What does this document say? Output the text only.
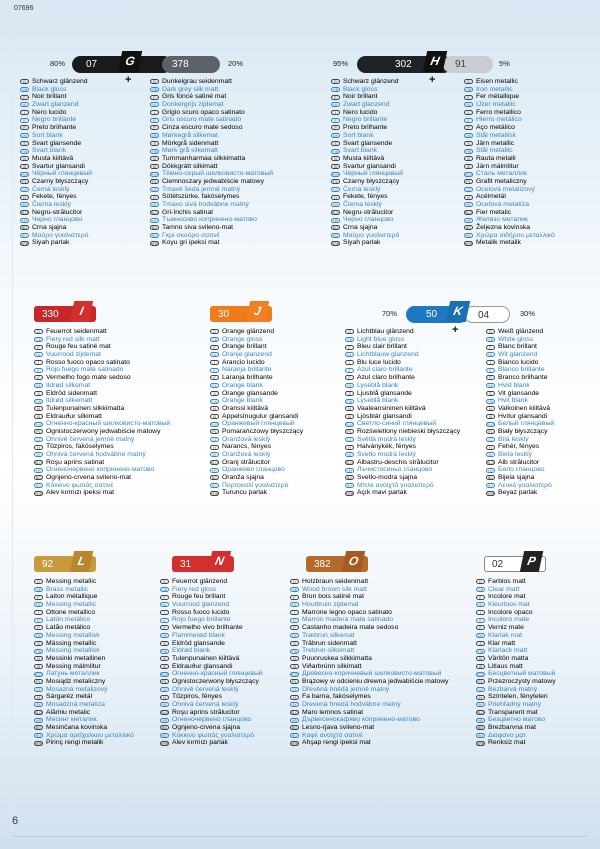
07696
80% 07	378
G	20%
+
95%	302	91
H	5%
+
70%	50	04
K	30%
+
330	I	30	J
92	L	31	N	382	O	02	P
D Schwarz glänzend
GB Black gloss
F Noir brillant
NL Zwart glanzend
I	Nero lucido
E Negro brillante
P Preto brilhante
DK Sort blank
S Svart glansende
FIN Svart blank
N Musta kiiltävä
IS Svartur glansandi
RUS Чёрный глянцевый
PL Czarny błyszczący
CZ Černá lesklý
H Fekete, fényes
SK Čierna lesklý
SLO Negru-strălucitor
HR Черно гланцово
BG Crna sjajna
RO Μαύρο γυαλιστερό
SRB Siyah parlak
D Dunkelgrau seidenmatt
GB Dark grey silk matt
F Gris foncé satiné mat
NL Donkergrijs zijdemat
I	Grigio scuro opaco satinato
E Gris oscuro mate satinado
P Cinza escuro mate sedoso
DK Mørkegrå silkemat
S Mörkgrå sidenmatt
FIN Mørk grå silkematt
N Tummanharmaa silkkimatta
IS Dökkgrátt silkimatt
RUS Тёмно-серый шелковисто-матовый
PL Ciemnoszary jedwabiście matowy
CZ Tmavě šedá jemně matný
H Sötétszürke, fakóselymes
SK Tmavo sivá hodvábne matný
SLO Gri-închis satinat
HR Тъмносиво копринено-матово
BG Tamno siva svileno-mat
RO Γκρι σκούρο σατινέ
SRB Koyu gri ipeksi mat
D Schwarz glänzend
GB Black gloss
F Noir brillant
NL Zwart glanzend
I	Nero lucido
E Negro brillante
P Preto brilhante
DK Sort blank
S Svart glansende
FIN Svart blank
N Musta kiiltävä
IS Svartur glansandi
RUS Чёрный глянцевый
PL Czarny błyszczący
CZ Černá lesklý
H Fekete, fényes
SK Čierna lesklý
SLO Negru-strălucitor
HR Черно гланцово
BG Crna sjajna
RO Μαύρο γυαλιστερό
SRB Siyah parlak
D Eisen metallic
GB Iron metallic
F Fer métallique
NL IJzer metallic
I	Ferro metallico
E Hierro metálico
P Aço metálico
DK Stål metallisk
S Järn metallic
FIN Stål metallic
N Rauta metalli
IS Járn málmlitur
RUS Сталь металлик
PL Grafit metaliczny
CZ Ocelová metalizový
H Acélmetál
SK Oceľová metalíza
SLO Fier metalic
HR Желязо металик
BG Željezna kovinska
RO Χρώμα σιδήρου μεταλλικό
SRB Metalik metalik
D Feuerrot seidenmatt
GB Fiery red silk matt
F Rouge feu satiné mat
NL Vuurrood zijdemat
I	Rosso fuoco opaco satinato
E Rojo fuego mate satinado
P Vermelho fogo mate sedoso
DK Ildrød silkemat
S Eldröd sidenmatt
FIN Ildrød silkematt
N Tulenpunainen silkkimatta
IS Eldrauður silkimatt
RUS Огненно-красный шелковисто-матовый
PL Ognistoczerwony jedwabiście matowy
CZ Ohnivě červená jemně matný
H Tűzpiros, fakóselymes
SK Ohnivá červená hodvábne matný
SLO Roşu aprins satinat
HR Огненочервено копринено-матово
BG Ognjeno-crvena svileno-mat
RO Κόκκινο φωτιάς σατινέ
SRB Alev kırmızı ipeksi mat
D Orange glänzend
GB Orange gloss
F Orange brillant
NL Oranje glanzend
I	Arancio lucido
E Naranja brillante
P Laranja brilhante
DK Orange blank
S Orange glansande
FIN Orange blank
N Oranssi kiiltävä
IS Appelsínugulur glansandi
RUS Оранжевый глянцевый
PL Pomarańczowy błyszczący
CZ Oranžová lesklý
H Narancs, fényes
SK Oranžová lesklý
SLO Oranj strălucitor
HR Оранжево гланцово
BG Oranža sjajna
RO Πορτοκαλί γυαλιστερό
SRB Turuncu parlak
D Lichtblau glänzend
GB Light blue gloss
F Bleu clair brillant
NL Lichtblauw glanzend
I	Blu luce lucido
E Azul claro brillante
P Azul claro brilhante
DK Lyseblå blank
S Ljusblå glansande
FIN Lyseblå blank
N Vaaleansininen kiiltävä
IS Ljósblár glansandi
RUS Светло-синий глянцевый
PL Rozświetlony niebieski błyszczący
CZ Světlá modrá lesklý
H Halványkék, fényes
SK Svetlo modrá lesklý
SLO Albastru-deschis strălucitor
HR Лъчистосиньо гланцово
BG Svetlo-modra sjajna
RO Μπλε ανοιχτό γυαλιστερό
SRB Açık mavi parlak
D Weiß glänzend
GB White gloss
F Blanc brillant
NL Wit glanzend
I	Bianco lucido
E Blanco brillante
P Branco brilhante
DK Hvid blank
S Vit glansande
FIN Hvit blank
N Valkoinen kiiltävä
IS Hvítur glansandi
RUS Белый глянцевый
PL Biały błyszczący
CZ Bílá lesklý
H Fehér, fényes
SK Biela lesklý
SLO Alb strălucitor
HR Бяло гланцово
BG Bijela sjajna
RO Λευκό γυαλιστερό
SRB Beyaz parlak
D Messing metallic
GB Brass metallic
F Laiton métallique
NL Messing metallic
I	Ottone metallico
E Latón metálico
P Latão metálico
DK Messing metallisk
S Mässing metallic
FIN Messing metallisk
N Messinki metallinen
IS Messing málmlitur
RUS Латунь металлик
PL Mosiądz metaliczny
CZ Mosazná metalizový
H Sárgaréz metál
SK Mosadzná metalíza
SLO Alămiu metalic
HR Месинг металик
BG Mesinčana kovinska
RO Χρώμα ορείχαλκου μεταλλικό
SRB Pirinç rengi metalik
D Feuerrot glänzend
GB Fiery red gloss
F Rouge feu brillant
NL Vuurrood glanzend
I	Rosso fuoco lucido
E Rojo fuego brillante
P Vermelho vivo brilhante
DK Flammerød blank
S Eldröd glansande
FIN Eldrød blank
N Tulenpunainen kiiltävä
IS Eldrauður glansandi
RUS Огненно-красный глянцевый
PL Ognistoczerwony błyszczący
CZ Ohnivě červená lesklý
H Tűzpiros, fényes
SK Ohnivá červená lesklý
SLO Roşu aprins strălucitor
HR Огненочервено гланцово
BG Ognjeno-crvena sjajna
RO Κόκκινο φωτιάς γυαλιστερό
SRB Alev kırmızı parlak
D Holzbraun seidenmatt
GB Wood brown silk matt
F Brun bois satiné mat
NL Houtbruin zijdemat
I	Marrone legno opaco satinato
E Marrón madera mate satinado
P Castanho madeira mate sedoso
DK Træbrun silkemat
S Träbrun sidenmatt
FIN Trebrun silkematt
N Puunruskea silkkimatta
IS Viðarbrúnn silkimatt
RUS Древесно-коричневый шелковисто-матовый
PL Brązowy w odcieniu drewna jedwabiście matowy
CZ Dřevěná hnědá jemně matný
H Fa barna, fakóselymes
SK Drevená hnedá hodvábne matný
SLO Maro lemnos satinat
HR Дървесенокафяво копринено-матово
BG Lesno-rjava svileno-mat
RO Καφέ ανοιχτό σατινέ
SRB Ahşap rengi ipeksi mat
D Farblos matt
GB Clear matt
F Incolore mat
NL Kleurloos mat
I	Incolore opaco
E Incoloro mate
P Verniz mate
DK Klarlak mat
S Klar matt
FIN Klarlack matt
N Väritön matta
IS Litlaus matt
RUS Бесцветный матовый
PL Przezroczysty matowy
CZ Bezbarvá matný
H Színtelen, fénytelen
SK Priehľadný matný
SLO Transparent mat
HR Безцветно матово
BG Brezbarvna mat
RO Διάφανο ματ
SRB Renksiz mat
6
